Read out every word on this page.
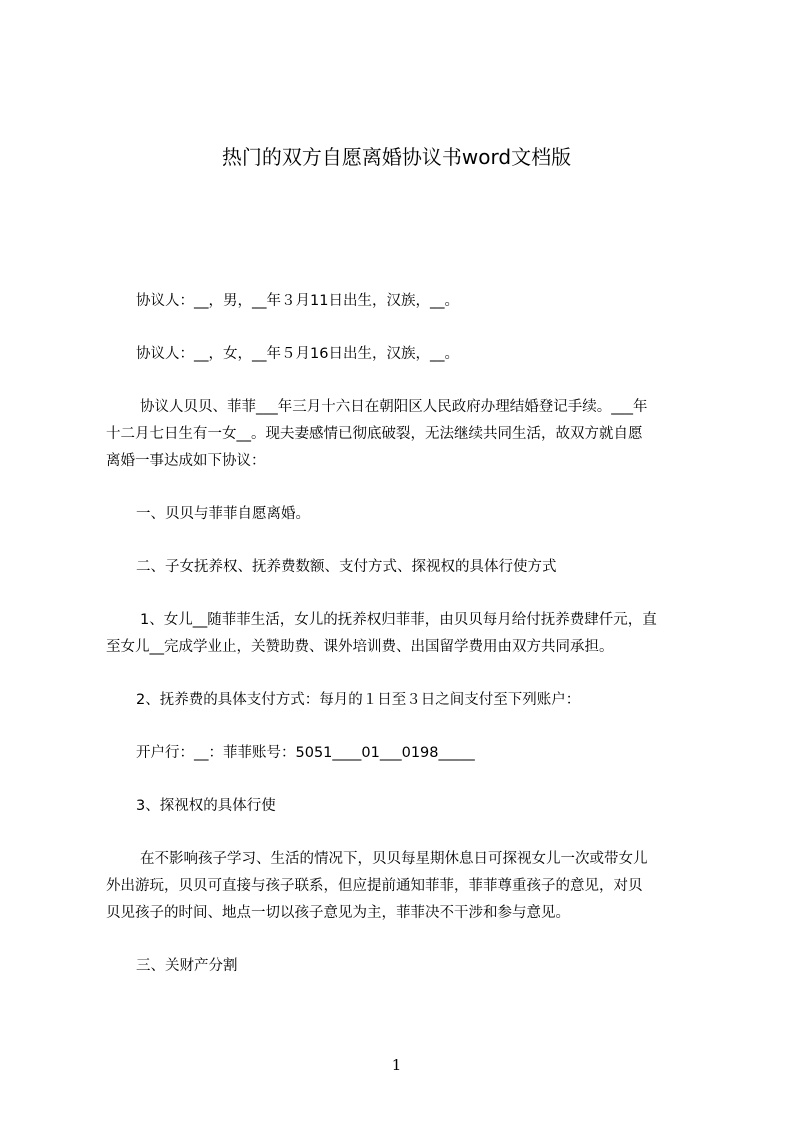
热门的双方自愿离婚协议书word文档版
协议人：__，男，__年３月11日出生，汉族，__。
协议人：__，女，__年５月16日出生，汉族，__。
协议人贝贝、菲菲___年三月十六日在朝阳区人民政府办理结婚登记手续。___年
十二月七日生有一女__。现夫妻感情已彻底破裂，无法继续共同生活，故双方就自愿
离婚一事达成如下协议：
一、贝贝与菲菲自愿离婚。
二、子女抚养权、抚养费数额、支付方式、探视权的具体行使方式
1、女儿__随菲菲生活，女儿的抚养权归菲菲，由贝贝每月给付抚养费肆仟元，直
至女儿__完成学业止，关赞助费、课外培训费、出国留学费用由双方共同承担。
2、抚养费的具体支付方式：每月的１日至３日之间支付至下列账户：
开户行：__：菲菲账号：5051____01___0198_____
3、探视权的具体行使
在不影响孩子学习、生活的情况下，贝贝每星期休息日可探视女儿一次或带女儿
外出游玩，贝贝可直接与孩子联系，但应提前通知菲菲，菲菲尊重孩子的意见，对贝
贝见孩子的时间、地点一切以孩子意见为主，菲菲决不干涉和参与意见。
三、关财产分割
1
